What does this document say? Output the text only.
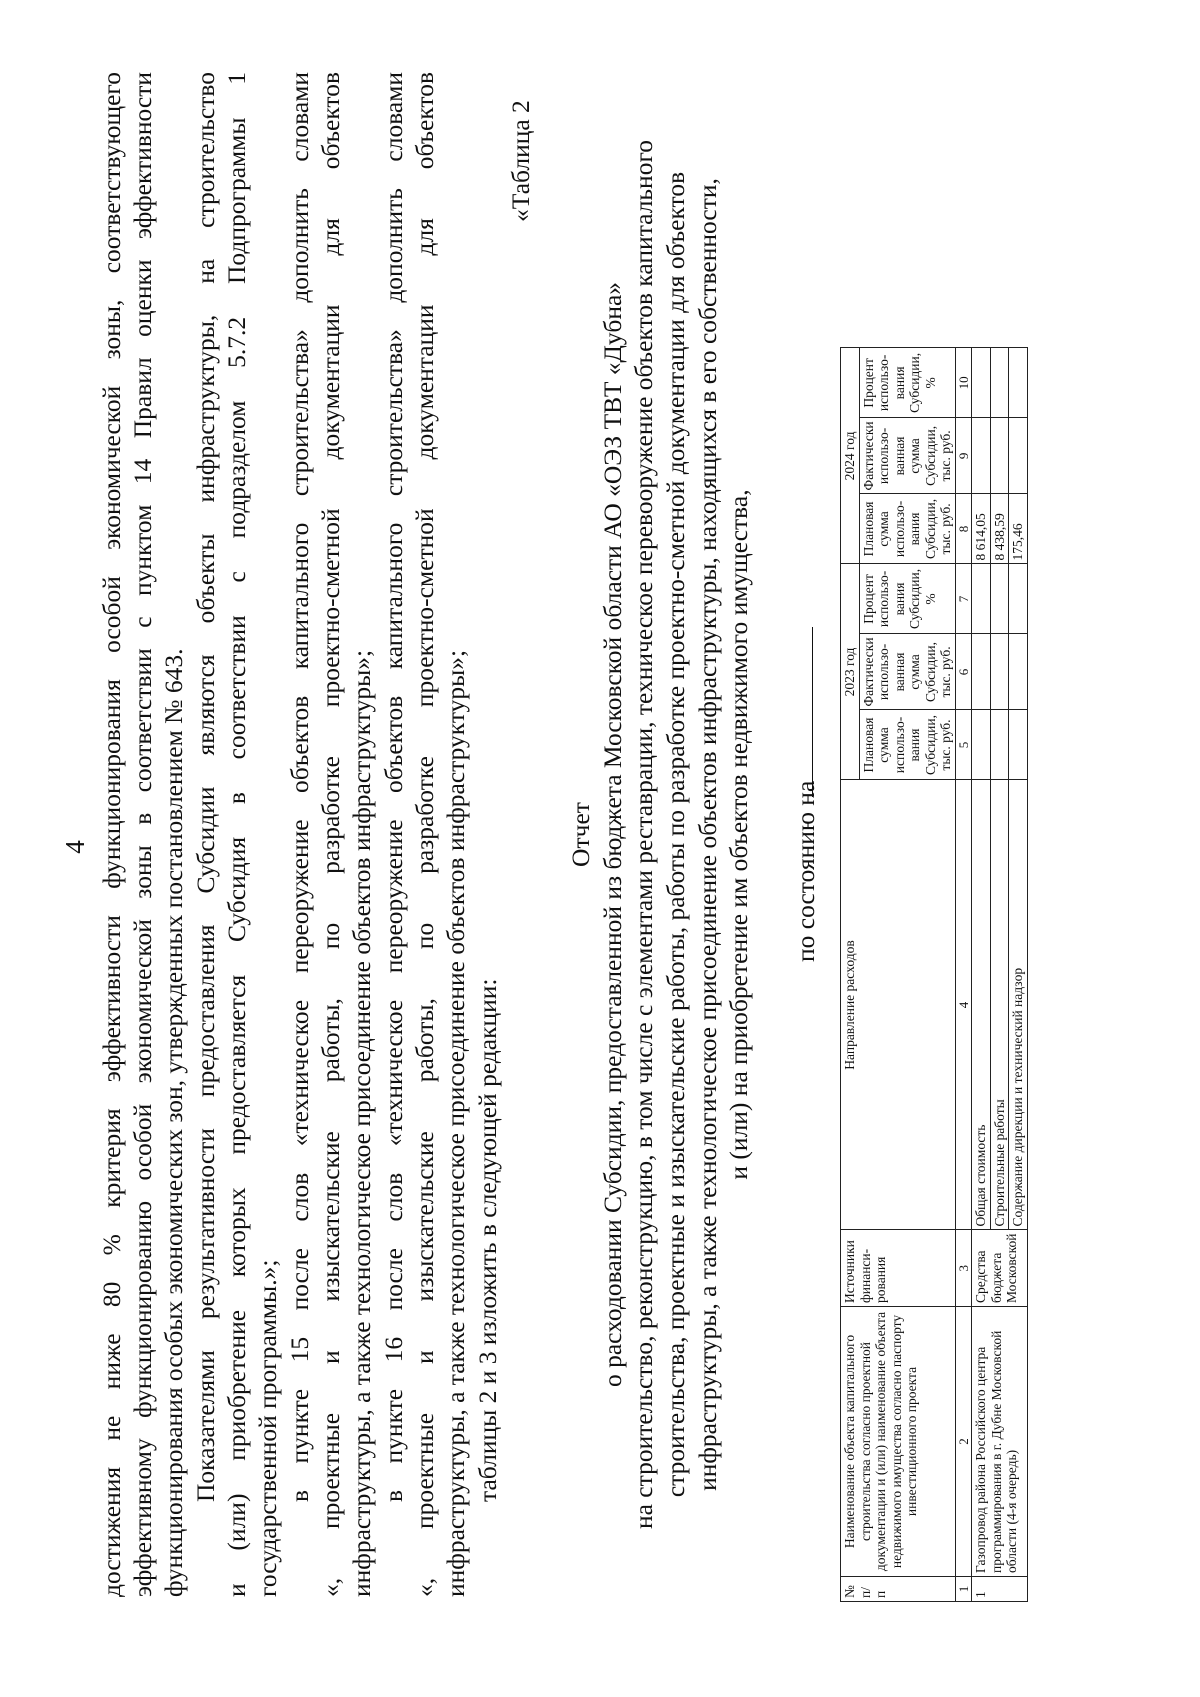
4 достижения не ниже 80 % критерия эффективности функционирования особой экономической зоны, соответствующего эффективному функционированию особой экономической зоны в соответствии с пунктом 14 Правил оценки эффективности функционирования особых экономических зон, утвержденных постановлением № 643. Показателями результативности предоставления Субсидии являются объекты инфраструктуры, на строительство и (или) приобретение которых предоставляется Субсидия в соответствии с подразделом 5.7.2 Подпрограммы 1 государственной программы.»; в пункте 15 после слов «техническое переоружение объектов капитального строительства» дополнить словами «, проектные и изыскательские работы, по разработке проектно-сметной документации для объектов инфраструктуры, а также технологическое присоединение объектов инфраструктуры»; в пункте 16 после слов «техническое переоружение объектов капитального строительства» дополнить словами «, проектные и изыскательские работы, по разработке проектно-сметной документации для объектов инфраструктуры, а также технологическое присоединение объектов инфраструктуры»; таблицы 2 и 3 изложить в следующей редакции:
«Таблица 2
Отчет о расходовании Субсидии, предоставленной из бюджета Московской области АО «ОЭЗ ТВТ «Дубна» на строительство, реконструкцию, в том числе с элементами реставрации, техническое перевооружение объектов капитального строительства, проектные и изыскательские работы, работы по разработке проектно-сметной документации для объектов инфраструктуры, а также технологическое присоединение объектов инфраструктуры, находящихся в его собственности, и (или) на приобретение им объектов недвижимого имущества, по состоянию на
№ п/п	Наименование объекта капитального строительства согласно проектной документации и (или) наименование объекта недвижимого имущества согласно паспорту инвестиционного проекта	Источники финанси-рования	Направление расходов	2023 год			2024 год		
				Плановая сумма использо-вания Субсидии, тыс. руб.	Фактически использо-ванная сумма Субсидии, тыс. руб.	Процент использо-вания Субсидии, %	Плановая сумма использо-вания Субсидии, тыс. руб.	Фактически использо-ванная сумма Субсидии, тыс. руб.	Процент использо-вания Субсидии, %
1	2	3	4	5	6	7	8	9	10
1	Газопровод района Российского центра программирования в г. Дубне Московской области (4-я очередь)	Средства бюджета Московской	Общая стоимость				8 614,05		
			Строительные работы				8 438,59		
			Содержание дирекции и технический надзор				175,46		
